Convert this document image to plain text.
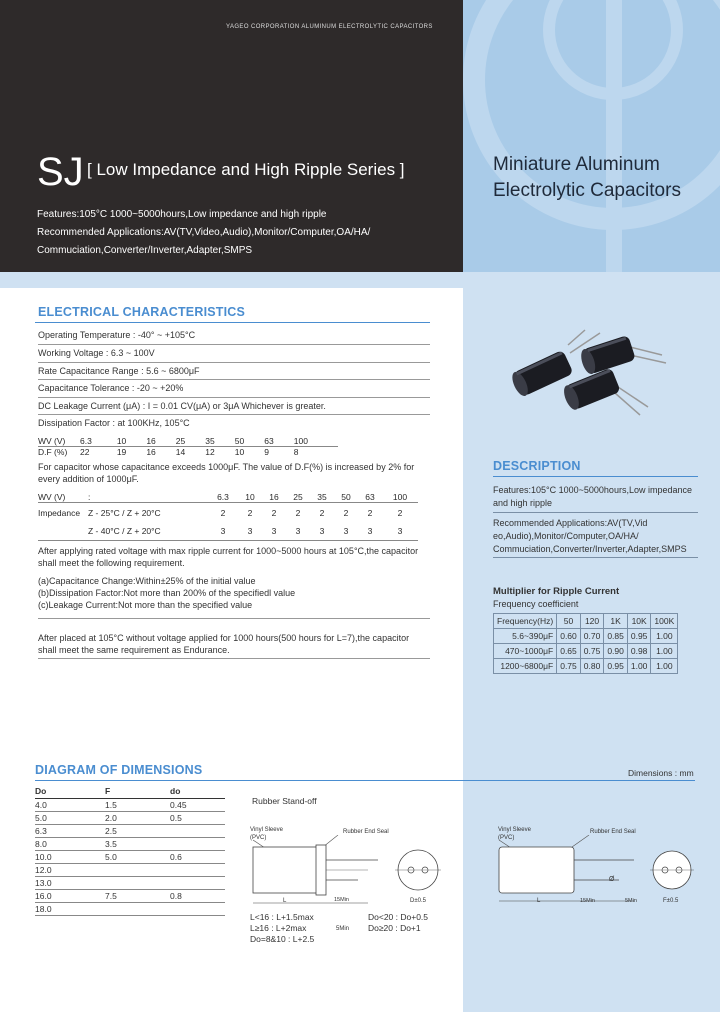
YAGEO CORPORATION ALUMINUM ELECTROLYTIC CAPACITORS
SJ [ Low Impedance and High Ripple Series ]	Miniature Aluminum
Electrolytic Capacitors
Features:105°C 1000~5000hours,Low impedance and high ripple
Recommended Applications:AV(TV,Video,Audio),Monitor/Computer,OA/HA/
Commuciation,Converter/Inverter,Adapter,SMPS
ELECTRICAL CHARACTERISTICS
Operating Temperature : -40° ~ +105°C
Working Voltage : 6.3 ~ 100V
Rate Capacitance Range : 5.6 ~ 6800μF
Capacitance Tolerance : -20 ~ +20%
DC Leakage Current (μA) : I = 0.01 CV(μA) or 3μA Whichever is greater.
Dissipation Factor : at 100KHz, 105°C
WV (V)	6.3	10	16	25	35	50	63	100
D.F (%)	22	19	16	14	12	10	9	8
For capacitor whose capacitance exceeds 1000μF. The value of D.F(%) is increased by 2% for every addition of 1000μF.
WV (V)	:	6.3	10	16	25	35	50	63	100
Impedance	Z - 25°C / Z + 20°C	2	2	2	2	2	2	2	2
	Z - 40°C / Z + 20°C	3	3	3	3	3	3	3	3
After applying rated voltage with max ripple current for 1000~5000 hours at 105°C,the capacitor
shall meet the following requirement.
(a)Capacitance Change:Within±25% of the initial value
(b)Dissipation Factor:Not more than 200% of the specifiedl value
(c)Leakage Current:Not more than the specified value
After placed at 105°C without voltage applied for 1000 hours(500 hours for L=7),the capacitor
shall meet the same requirement as Endurance.
DESCRIPTION
Features:105°C 1000~5000hours,Low impedance
and high ripple
Recommended Applications:AV(TV,Vid
eo,Audio),Monitor/Computer,OA/HA/
Commuciation,Converter/Inverter,Adapter,SMPS
Multiplier for Ripple Current
Frequency coefficient
Frequency(Hz)	50	120	1K	10K	100K
5.6~390μF	0.60	0.70	0.85	0.95	1.00
470~1000μF	0.65	0.75	0.90	0.98	1.00
1200~6800μF	0.75	0.80	0.95	1.00	1.00
DIAGRAM OF DIMENSIONS	Dimensions : mm
Do	F	do
4.0	1.5	0.45
5.0	2.0	0.5
6.3	2.5	
8.0	3.5	
10.0	5.0	0.6
12.0		
13.0		
16.0	7.5	0.8
18.0		
Rubber Stand-off
Vinyl Sleeve
(PVC)
Rubber End Seal
L	15Min
L<16 : L+1.5max
L≥16 : L+2max
Do=8&10 : L+2.5
5Min
Do<20 : Do+0.5
Do≥20 : Do+1
D±0.5
Vinyl Sleeve
(PVC)
Rubber End Seal
L	15Min	5Min
Ø
F±0.5
